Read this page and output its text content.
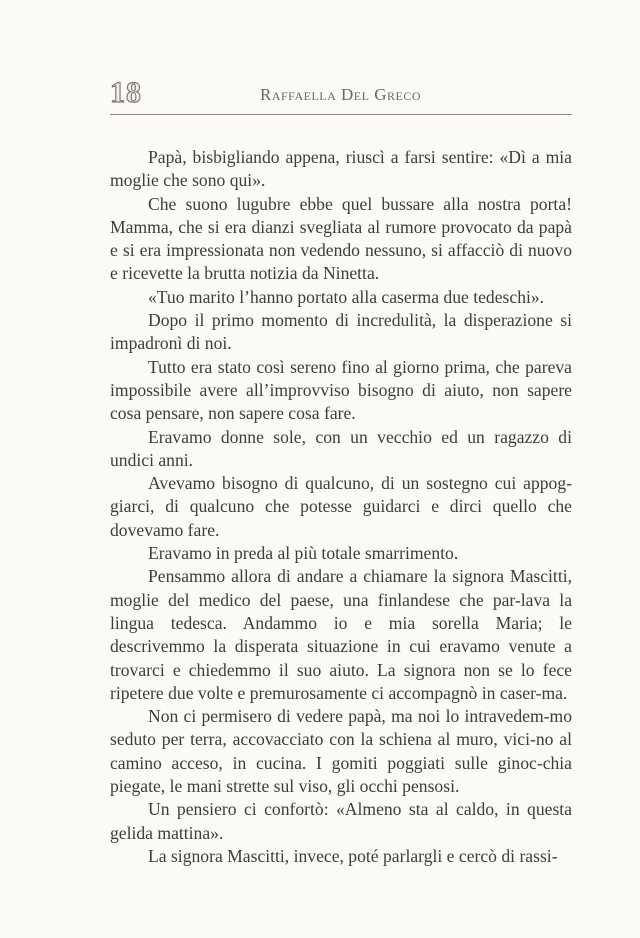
18	Raffaella Del Greco

Papà, bisbigliando appena, riuscì a farsi sentire: «Dì a mia moglie che sono qui».

Che suono lugubre ebbe quel bussare alla nostra porta! Mamma, che si era dianzi svegliata al rumore provocato da papà e si era impressionata non vedendo nessuno, si affacciò di nuovo e ricevette la brutta notizia da Ninetta.

«Tuo marito l’hanno portato alla caserma due tedeschi».

Dopo il primo momento di incredulità, la disperazione si impadronì di noi.

Tutto era stato così sereno fino al giorno prima, che pareva impossibile avere all’improvviso bisogno di aiuto, non sapere cosa pensare, non sapere cosa fare.

Eravamo donne sole, con un vecchio ed un ragazzo di undici anni.

Avevamo bisogno di qualcuno, di un sostegno cui appog-giarci, di qualcuno che potesse guidarci e dirci quello che dovevamo fare.

Eravamo in preda al più totale smarrimento.

Pensammo allora di andare a chiamare la signora Mascitti, moglie del medico del paese, una finlandese che par-lava la lingua tedesca. Andammo io e mia sorella Maria; le descrivemmo la disperata situazione in cui eravamo venute a trovarci e chiedemmo il suo aiuto. La signora non se lo fece ripetere due volte e premurosamente ci accompagnò in caser-ma.

Non ci permisero di vedere papà, ma noi lo intravedem-mo seduto per terra, accovacciato con la schiena al muro, vici-no al camino acceso, in cucina. I gomiti poggiati sulle ginoc-chia piegate, le mani strette sul viso, gli occhi pensosi.

Un pensiero ci confortò: «Almeno sta al caldo, in questa gelida mattina».

La signora Mascitti, invece, poté parlargli e cercò di rassi-
